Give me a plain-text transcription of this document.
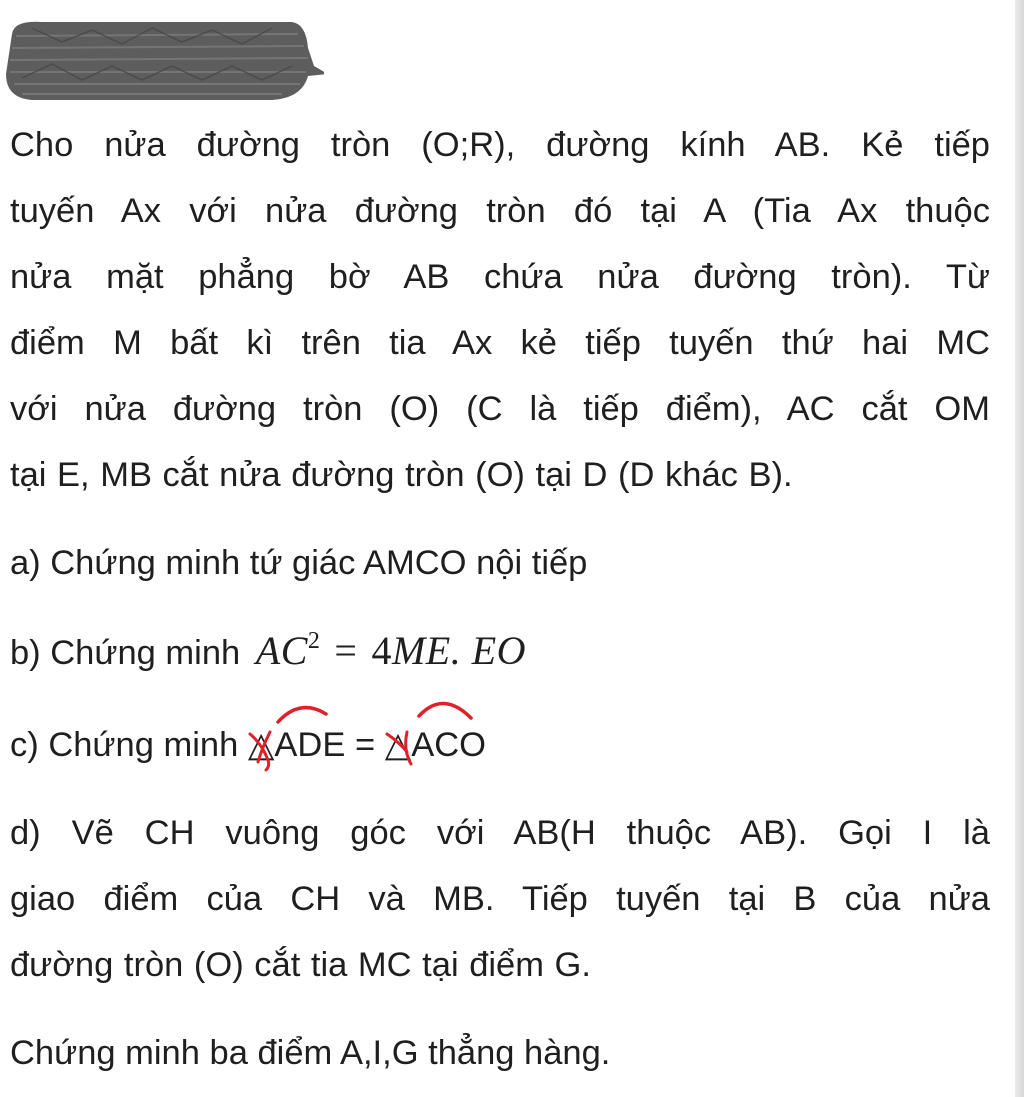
Cho nửa đường tròn (O;R), đường kính AB. Kẻ tiếp
tuyến Ax với nửa đường tròn đó tại A (Tia Ax thuộc
nửa mặt phẳng bờ AB chứa nửa đường tròn). Từ
điểm M bất kì trên tia Ax kẻ tiếp tuyến thứ hai MC
với nửa đường tròn (O) (C là tiếp điểm), AC cắt OM
tại E, MB cắt nửa đường tròn (O) tại D (D khác B).

a) Chứng minh tứ giác AMCO nội tiếp

b) Chứng minh $AC^2 = 4ME$. EO

c) Chứng minh △ADE = △ACO

d) Vẽ CH vuông góc với AB(H thuộc AB). Gọi I là
giao điểm của CH và MB. Tiếp tuyến tại B của nửa
đường tròn (O) cắt tia MC tại điểm G.

Chứng minh ba điểm A,I,G thẳng hàng.
